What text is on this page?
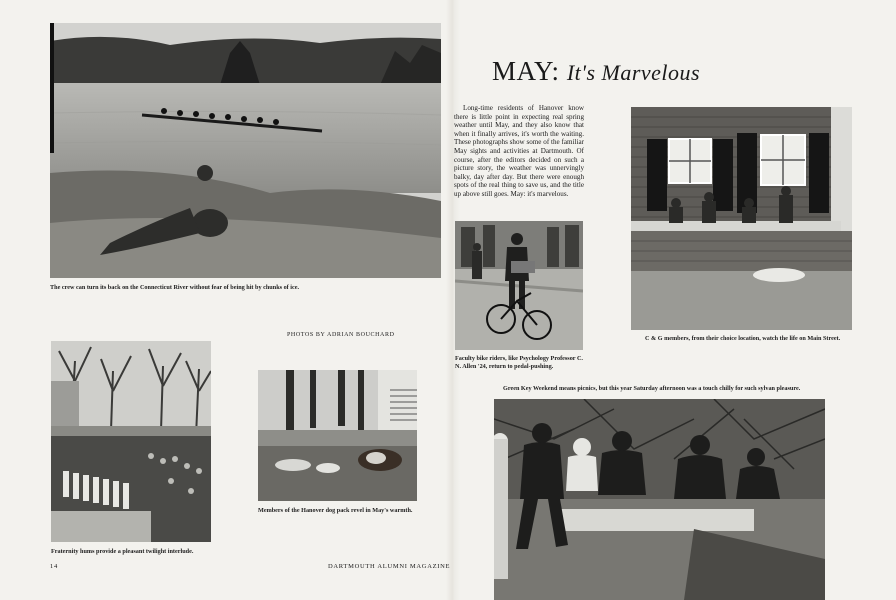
The crew can turn its back on the Connecticut River without fear of being hit by chunks of ice.
PHOTOS BY ADRIAN BOUCHARD
Fraternity hums provide a pleasant twilight interlude.
Members of the Hanover dog pack revel in May's warmth.
14	DARTMOUTH ALUMNI MAGAZINE
MAY: It's Marvelous
Long-time residents of Hanover know there is little point in expecting real spring weather until May, and they also know that when it finally arrives, it's worth the waiting. These photographs show some of the familiar May sights and activities at Dartmouth. Of course, after the editors decided on such a picture story, the weather was unnervingly balky, day after day. But there were enough spots of the real thing to save us, and the title up above still goes. May: it's marvelous.
Faculty bike riders, like Psychology Professor C. N. Allen '24, return to pedal-pushing.
C & G members, from their choice location, watch the life on Main Street.
Green Key Weekend means picnics, but this year Saturday afternoon was a touch chilly for such sylvan pleasure.
